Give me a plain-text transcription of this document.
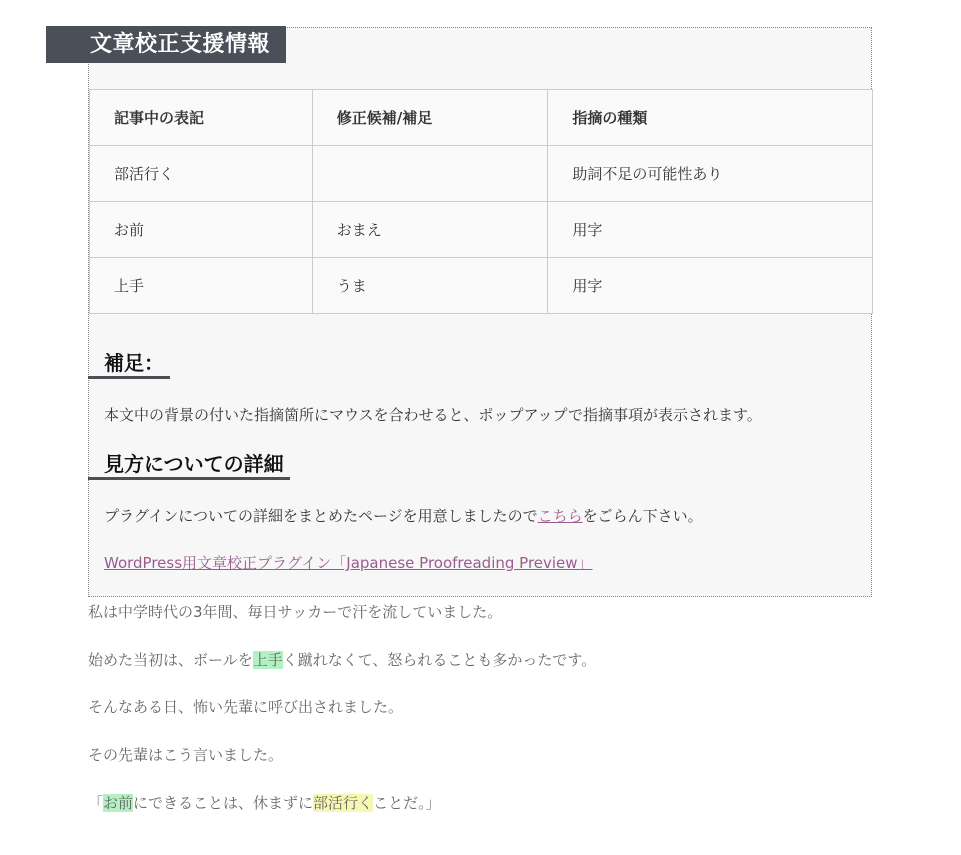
文章校正支援情報
記事中の表記	修正候補/補足	指摘の種類
部活行く		助詞不足の可能性あり
お前	おまえ	用字
上手	うま	用字
補足：
本文中の背景の付いた指摘箇所にマウスを合わせると、ポップアップで指摘事項が表示されます。
見方についての詳細
プラグインについての詳細をまとめたページを用意しましたのでこちらをごらん下さい。
WordPress用文章校正プラグイン「Japanese Proofreading Preview」
私は中学時代の3年間、毎日サッカーで汗を流していました。
始めた当初は、ボールを上手く蹴れなくて、怒られることも多かったです。
そんなある日、怖い先輩に呼び出されました。
その先輩はこう言いました。
「お前にできることは、休まずに部活行くことだ。」
